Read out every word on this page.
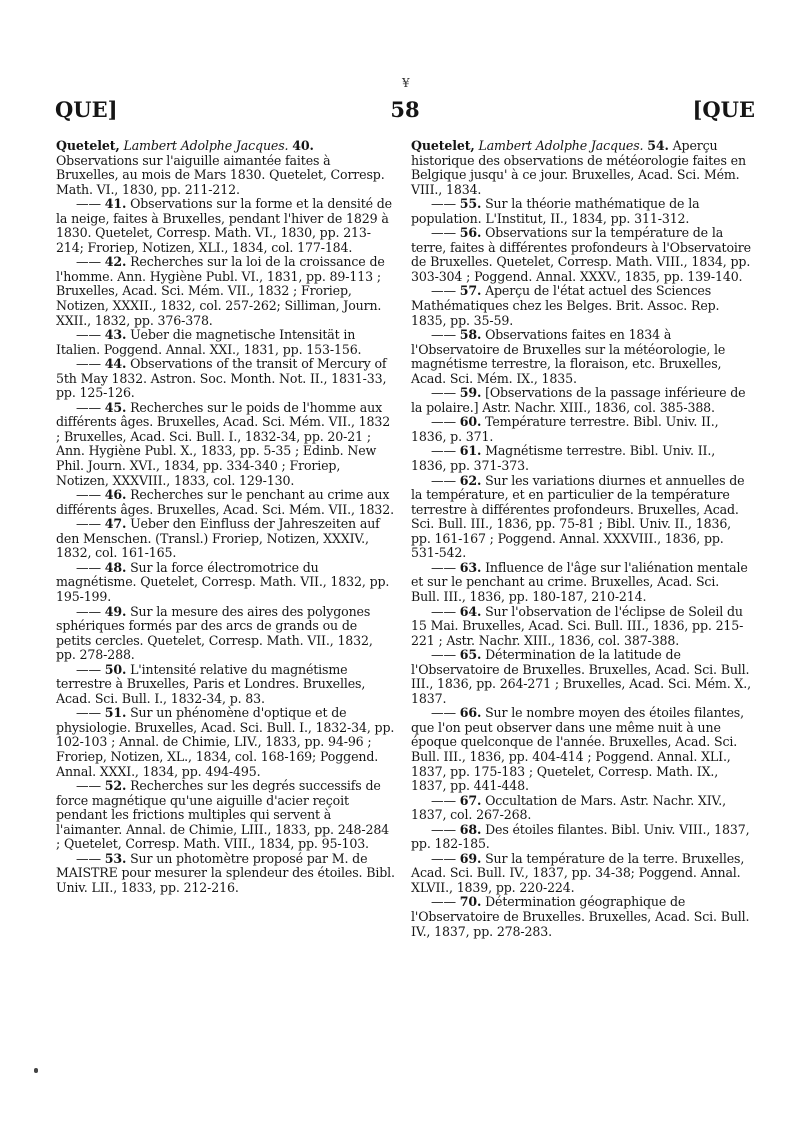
¥
QUE]	58	[QUE

Quetelet, Lambert Adolphe Jacques. 40. Observations sur l'aiguille aimantée faites à Bruxelles, au mois de Mars 1830. Quetelet, Corresp. Math. VI., 1830, pp. 211-212.

—— 41. Observations sur la forme et la densité de la neige, faites à Bruxelles, pendant l'hiver de 1829 à 1830. Quetelet, Corresp. Math. VI., 1830, pp. 213-214; Froriep, Notizen, XLI., 1834, col. 177-184.

—— 42. Recherches sur la loi de la croissance de l'homme. Ann. Hygiène Publ. VI., 1831, pp. 89-113 ; Bruxelles, Acad. Sci. Mém. VII., 1832 ; Froriep, Notizen, XXXII., 1832, col. 257-262; Silliman, Journ. XXII., 1832, pp. 376-378.

—— 43. Ueber die magnetische Intensität in Italien. Poggend. Annal. XXI., 1831, pp. 153-156.

—— 44. Observations of the transit of Mercury of 5th May 1832. Astron. Soc. Month. Not. II., 1831-33, pp. 125-126.

—— 45. Recherches sur le poids de l'homme aux différents âges. Bruxelles, Acad. Sci. Mém. VII., 1832 ; Bruxelles, Acad. Sci. Bull. I., 1832-34, pp. 20-21 ; Ann. Hygiène Publ. X., 1833, pp. 5-35 ; Edinb. New Phil. Journ. XVI., 1834, pp. 334-340 ; Froriep, Notizen, XXXVIII., 1833, col. 129-130.

—— 46. Recherches sur le penchant au crime aux différents âges. Bruxelles, Acad. Sci. Mém. VII., 1832.

—— 47. Ueber den Einfluss der Jahreszeiten auf den Menschen. (Transl.) Froriep, Notizen, XXXIV., 1832, col. 161-165.

—— 48. Sur la force électromotrice du magnétisme. Quetelet, Corresp. Math. VII., 1832, pp. 195-199.

—— 49. Sur la mesure des aires des polygones sphériques formés par des arcs de grands ou de petits cercles. Quetelet, Corresp. Math. VII., 1832, pp. 278-288.

—— 50. L'intensité relative du magnétisme terrestre à Bruxelles, Paris et Londres. Bruxelles, Acad. Sci. Bull. I., 1832-34, p. 83.

—— 51. Sur un phénomène d'optique et de physiologie. Bruxelles, Acad. Sci. Bull. I., 1832-34, pp. 102-103 ; Annal. de Chimie, LIV., 1833, pp. 94-96 ; Froriep, Notizen, XL., 1834, col. 168-169; Poggend. Annal. XXXI., 1834, pp. 494-495.

—— 52. Recherches sur les degrés successifs de force magnétique qu'une aiguille d'acier reçoit pendant les frictions multiples qui servent à l'aimanter. Annal. de Chimie, LIII., 1833, pp. 248-284 ; Quetelet, Corresp. Math. VIII., 1834, pp. 95-103.

—— 53. Sur un photomètre proposé par M. de MAISTRE pour mesurer la splendeur des étoiles. Bibl. Univ. LII., 1833, pp. 212-216.

Quetelet, Lambert Adolphe Jacques. 54. Aperçu historique des observations de météorologie faites en Belgique jusqu' à ce jour. Bruxelles, Acad. Sci. Mém. VIII., 1834.

—— 55. Sur la théorie mathématique de la population. L'Institut, II., 1834, pp. 311-312.

—— 56. Observations sur la température de la terre, faites à différentes profondeurs à l'Observatoire de Bruxelles. Quetelet, Corresp. Math. VIII., 1834, pp. 303-304 ; Poggend. Annal. XXXV., 1835, pp. 139-140.

—— 57. Aperçu de l'état actuel des Sciences Mathématiques chez les Belges. Brit. Assoc. Rep. 1835, pp. 35-59.

—— 58. Observations faites en 1834 à l'Observatoire de Bruxelles sur la météorologie, le magnétisme terrestre, la floraison, etc. Bruxelles, Acad. Sci. Mém. IX., 1835.

—— 59. [Observations de la passage inférieure de la polaire.] Astr. Nachr. XIII., 1836, col. 385-388.

—— 60. Température terrestre. Bibl. Univ. II., 1836, p. 371.

—— 61. Magnétisme terrestre. Bibl. Univ. II., 1836, pp. 371-373.

—— 62. Sur les variations diurnes et annuelles de la température, et en particulier de la température terrestre à différentes profondeurs. Bruxelles, Acad. Sci. Bull. III., 1836, pp. 75-81 ; Bibl. Univ. II., 1836, pp. 161-167 ; Poggend. Annal. XXXVIII., 1836, pp. 531-542.

—— 63. Influence de l'âge sur l'aliénation mentale et sur le penchant au crime. Bruxelles, Acad. Sci. Bull. III., 1836, pp. 180-187, 210-214.

—— 64. Sur l'observation de l'éclipse de Soleil du 15 Mai. Bruxelles, Acad. Sci. Bull. III., 1836, pp. 215-221 ; Astr. Nachr. XIII., 1836, col. 387-388.

—— 65. Détermination de la latitude de l'Observatoire de Bruxelles. Bruxelles, Acad. Sci. Bull. III., 1836, pp. 264-271 ; Bruxelles, Acad. Sci. Mém. X., 1837.

—— 66. Sur le nombre moyen des étoiles filantes, que l'on peut observer dans une même nuit à une époque quelconque de l'année. Bruxelles, Acad. Sci. Bull. III., 1836, pp. 404-414 ; Poggend. Annal. XLI., 1837, pp. 175-183 ; Quetelet, Corresp. Math. IX., 1837, pp. 441-448.

—— 67. Occultation de Mars. Astr. Nachr. XIV., 1837, col. 267-268.

—— 68. Des étoiles filantes. Bibl. Univ. VIII., 1837, pp. 182-185.

—— 69. Sur la température de la terre. Bruxelles, Acad. Sci. Bull. IV., 1837, pp. 34-38; Poggend. Annal. XLVII., 1839, pp. 220-224.

—— 70. Détermination géographique de l'Observatoire de Bruxelles. Bruxelles, Acad. Sci. Bull. IV., 1837, pp. 278-283.
